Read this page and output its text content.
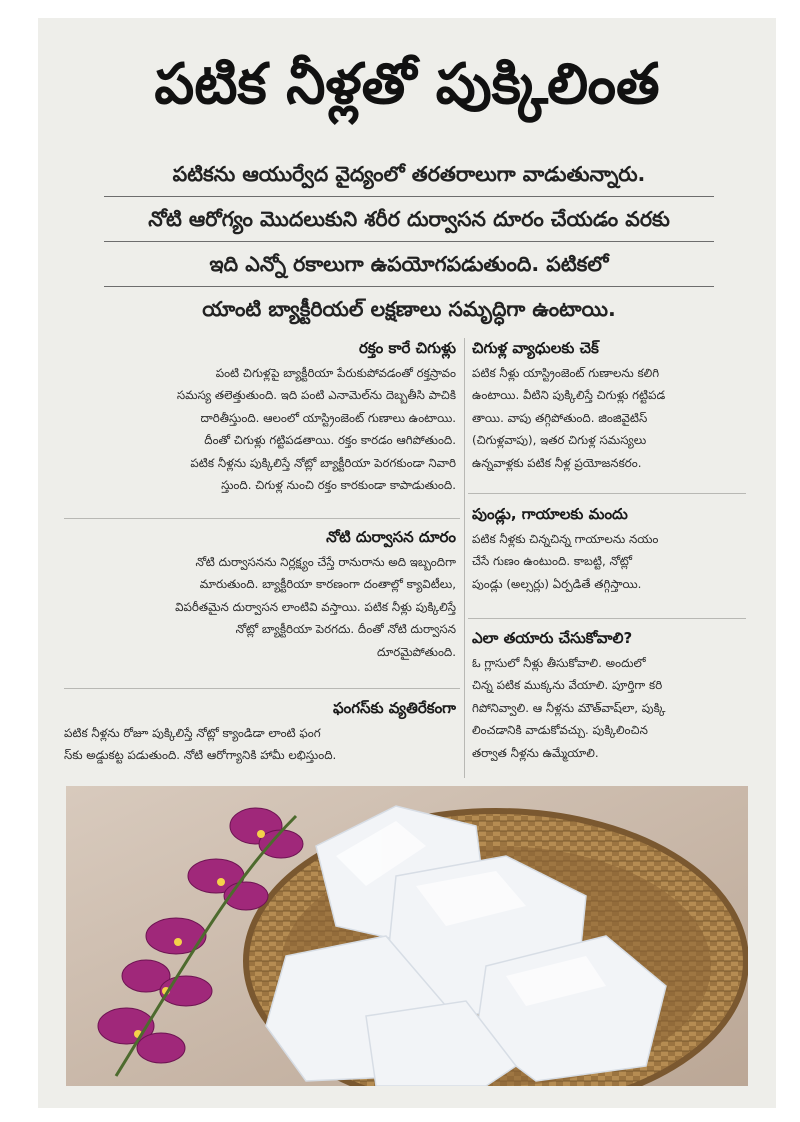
పటిక నీళ్లతో పుక్కిలింత
పటికను ఆయుర్వేద వైద్యంలో తరతరాలుగా వాడుతున్నారు.
నోటి ఆరోగ్యం మొదలుకుని శరీర దుర్వాసన దూరం చేయడం వరకు
ఇది ఎన్నో రకాలుగా ఉపయోగపడుతుంది. పటికలో
యాంటి బ్యాక్టీరియల్ లక్షణాలు సమృద్ధిగా ఉంటాయి.
రక్తం కారే చిగుళ్లు
పంటి చిగుళ్లపై బ్యాక్టీరియా పేరుకుపోవడంతో రక్తస్రావం
సమస్య తలెత్తుతుంది. ఇది పంటి ఎనామెల్‌ను దెబ్బతీసి పాచికి
దారితీస్తుంది. ఆలంలో యాస్ట్రింజెంట్ గుణాలు ఉంటాయి.
దీంతో చిగుళ్లు గట్టిపడతాయి. రక్తం కారడం ఆగిపోతుంది.
పటిక నీళ్లను పుక్కిలిస్తే నోట్లో బ్యాక్టీరియా పెరగకుండా నివారి
స్తుంది. చిగుళ్ల నుంచి రక్తం కారకుండా కాపాడుతుంది.
నోటి దుర్వాసన దూరం
నోటి దుర్వాసనను నిర్లక్ష్యం చేస్తే రానురాను అది ఇబ్బందిగా
మారుతుంది. బ్యాక్టీరియా కారణంగా దంతాల్లో క్యావిటీలు,
విపరీతమైన దుర్వాసన లాంటివి వస్తాయి. పటిక నీళ్లు పుక్కిలిస్తే
నోట్లో బ్యాక్టీరియా పెరగదు. దీంతో నోటి దుర్వాసన
దూరమైపోతుంది.
ఫంగస్‌కు వ్యతిరేకంగా
పటిక నీళ్లను రోజూ పుక్కిలిస్తే నోట్లో క్యాండిడా లాంటి ఫంగ
స్‌కు అడ్డుకట్ట పడుతుంది. నోటి ఆరోగ్యానికి హామీ లభిస్తుంది.
చిగుళ్ల వ్యాధులకు చెక్
పటిక నీళ్లు యాస్ట్రింజెంట్ గుణాలను కలిగి
ఉంటాయి. వీటిని పుక్కిలిస్తే చిగుళ్లు గట్టిపడ
తాయి. వాపు తగ్గిపోతుంది. జింజివైటిస్
(చిగుళ్లవాపు), ఇతర చిగుళ్ల సమస్యలు
ఉన్నవాళ్లకు పటిక నీళ్ల ప్రయోజనకరం.
పుండ్లు, గాయాలకు మందు
పటిక నీళ్లకు చిన్నచిన్న గాయాలను నయం
చేసే గుణం ఉంటుంది. కాబట్టి, నోట్లో
పుండ్లు (అల్సర్లు) ఏర్పడితే తగ్గిస్తాయి.
ఎలా తయారు చేసుకోవాలి?
ఓ గ్లాసులో నీళ్లు తీసుకోవాలి. అందులో
చిన్న పటిక ముక్కను వేయాలి. పూర్తిగా కరి
గిపోనివ్వాలి. ఆ నీళ్లను మౌత్‌వాష్‌లా, పుక్కి
లించడానికి వాడుకోవచ్చు. పుక్కిలించిన
తర్వాత నీళ్లను ఉమ్మేయాలి.
